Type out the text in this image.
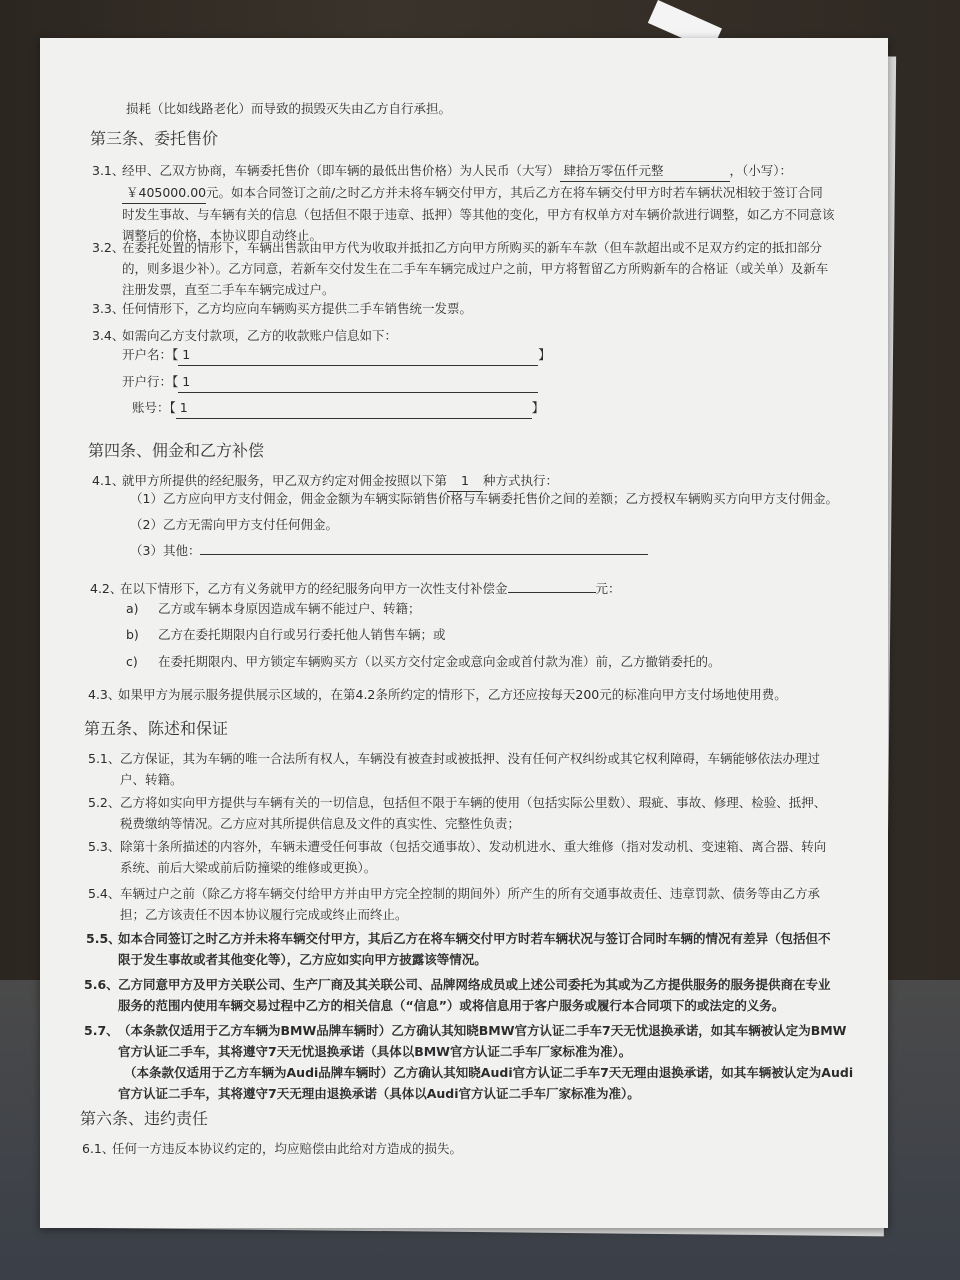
损耗（比如线路老化）而导致的损毁灭失由乙方自行承担。
第三条、委托售价
3.1、
经甲、乙双方协商，车辆委托售价（即车辆的最低出售价格）为人民币（大写） 肆拾万零伍仟元整	，（小写）：
￥405000.00元。如本合同签订之前/之时乙方并未将车辆交付甲方，其后乙方在将车辆交付甲方时若车辆状况相较于签订合同
时发生事故、与车辆有关的信息（包括但不限于违章、抵押）等其他的变化，甲方有权单方对车辆价款进行调整，如乙方不同意该
调整后的价格，本协议即自动终止。
3.2、
在委托处置的情形下，车辆出售款由甲方代为收取并抵扣乙方向甲方所购买的新车车款（但车款超出或不足双方约定的抵扣部分
的，则多退少补）。乙方同意，若新车交付发生在二手车车辆完成过户之前，甲方将暂留乙方所购新车的合格证（或关单）及新车
注册发票，直至二手车车辆完成过户。
3.3、
任何情形下，乙方均应向车辆购买方提供二手车销售统一发票。
3.4、
如需向乙方支付款项，乙方的收款账户信息如下：
开户名：【 1	】
开户行：【 1
账号：【 1	】
第四条、佣金和乙方补偿
4.1、
就甲方所提供的经纪服务，甲乙双方约定对佣金按照以下第 1 种方式执行：
（1）乙方应向甲方支付佣金，佣金金额为车辆实际销售价格与车辆委托售价之间的差额；乙方授权车辆购买方向甲方支付佣金。
（2）乙方无需向甲方支付任何佣金。
（3）其他：
4.2、
在以下情形下，乙方有义务就甲方的经纪服务向甲方一次性支付补偿金	元：
a) 乙方或车辆本身原因造成车辆不能过户、转籍；
b) 乙方在委托期限内自行或另行委托他人销售车辆；或
c) 在委托期限内、甲方锁定车辆购买方（以买方交付定金或意向金或首付款为准）前，乙方撤销委托的。
4.3、
如果甲方为展示服务提供展示区域的，在第4.2条所约定的情形下，乙方还应按每天200元的标准向甲方支付场地使用费。
第五条、陈述和保证
5.1、 乙方保证，其为车辆的唯一合法所有权人，车辆没有被查封或被抵押、没有任何产权纠纷或其它权利障碍，车辆能够依法办理过
户、转籍。
5.2、 乙方将如实向甲方提供与车辆有关的一切信息，包括但不限于车辆的使用（包括实际公里数）、瑕疵、事故、修理、检验、抵押、
税费缴纳等情况。乙方应对其所提供信息及文件的真实性、完整性负责；
5.3、 除第十条所描述的内容外，车辆未遭受任何事故（包括交通事故）、发动机进水、重大维修（指对发动机、变速箱、离合器、转向
系统、前后大梁或前后防撞梁的维修或更换）。
5.4、 车辆过户之前（除乙方将车辆交付给甲方并由甲方完全控制的期间外）所产生的所有交通事故责任、违章罚款、债务等由乙方承
担；乙方该责任不因本协议履行完成或终止而终止。
5.5、
如本合同签订之时乙方并未将车辆交付甲方，其后乙方在将车辆交付甲方时若车辆状况与签订合同时车辆的情况有差异（包括但不
限于发生事故或者其他变化等），乙方应如实向甲方披露该等情况。
5.6、 乙方同意甲方及甲方关联公司、生产厂商及其关联公司、品牌网络成员或上述公司委托为其或为乙方提供服务的服务提供商在专业
服务的范围内使用车辆交易过程中乙方的相关信息（“信息”）或将信息用于客户服务或履行本合同项下的或法定的义务。
5.7、 （本条款仅适用于乙方车辆为BMW品牌车辆时）乙方确认其知晓BMW官方认证二手车7天无忧退换承诺，如其车辆被认定为BMW
官方认证二手车，其将遵守7天无忧退换承诺（具体以BMW官方认证二手车厂家标准为准）。
（本条款仅适用于乙方车辆为Audi品牌车辆时）乙方确认其知晓Audi官方认证二手车7天无理由退换承诺，如其车辆被认定为Audi
官方认证二手车，其将遵守7天无理由退换承诺（具体以Audi官方认证二手车厂家标准为准）。
第六条、违约责任
6.1、
任何一方违反本协议约定的，均应赔偿由此给对方造成的损失。
